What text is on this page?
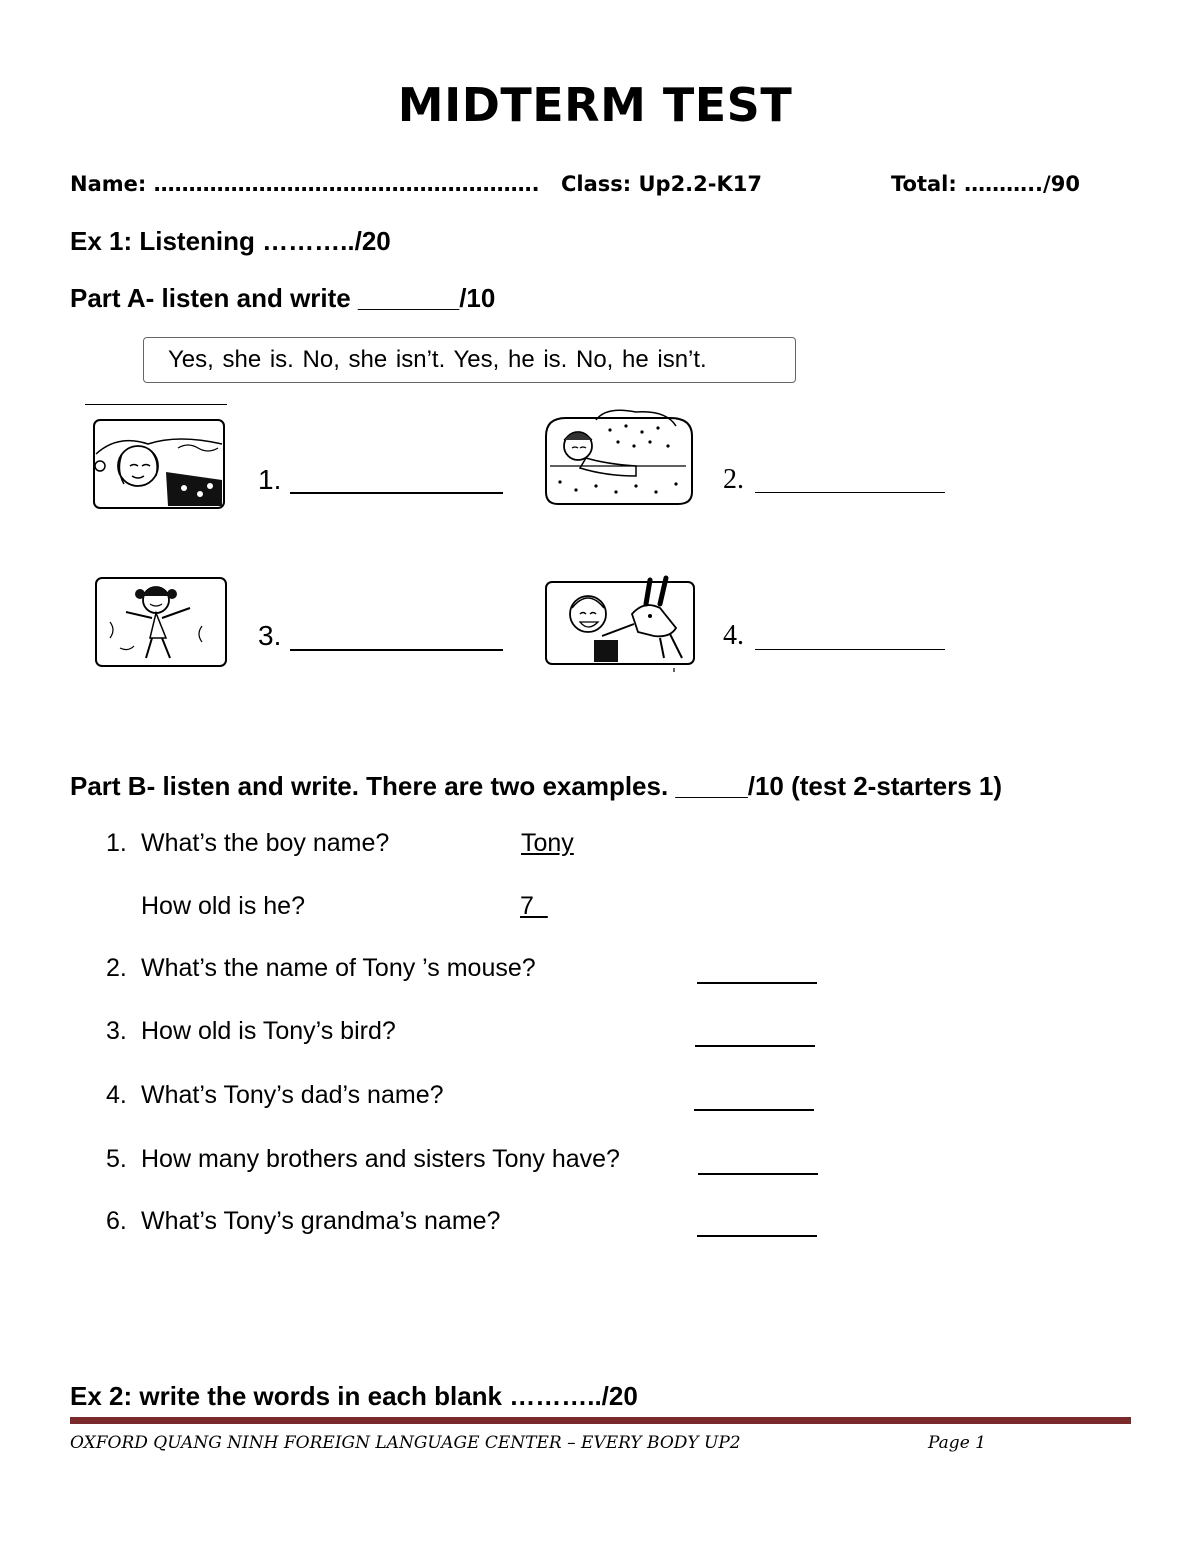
MIDTERM TEST
Name: ………………………………………………. Class: Up2.2-K17	Total: ………../90
Ex 1: Listening ………../20
Part A- listen and write _______/10
Yes, she is. No, she isn’t. Yes, he is. No, he isn’t.
1.	2.
3.	4.
Part B- listen and write. There are two examples. _____/10 (test 2-starters 1)
1. What’s the boy name?	Tony
How old is he?	7
2. What’s the name of Tony ’s mouse?
3. How old is Tony’s bird?
4. What’s Tony’s dad’s name?
5. How many brothers and sisters Tony have?
6. What’s Tony’s grandma’s name?
Ex 2: write the words in each blank ………../20
OXFORD QUANG NINH FOREIGN LANGUAGE CENTER – EVERY BODY UP2	Page 1
